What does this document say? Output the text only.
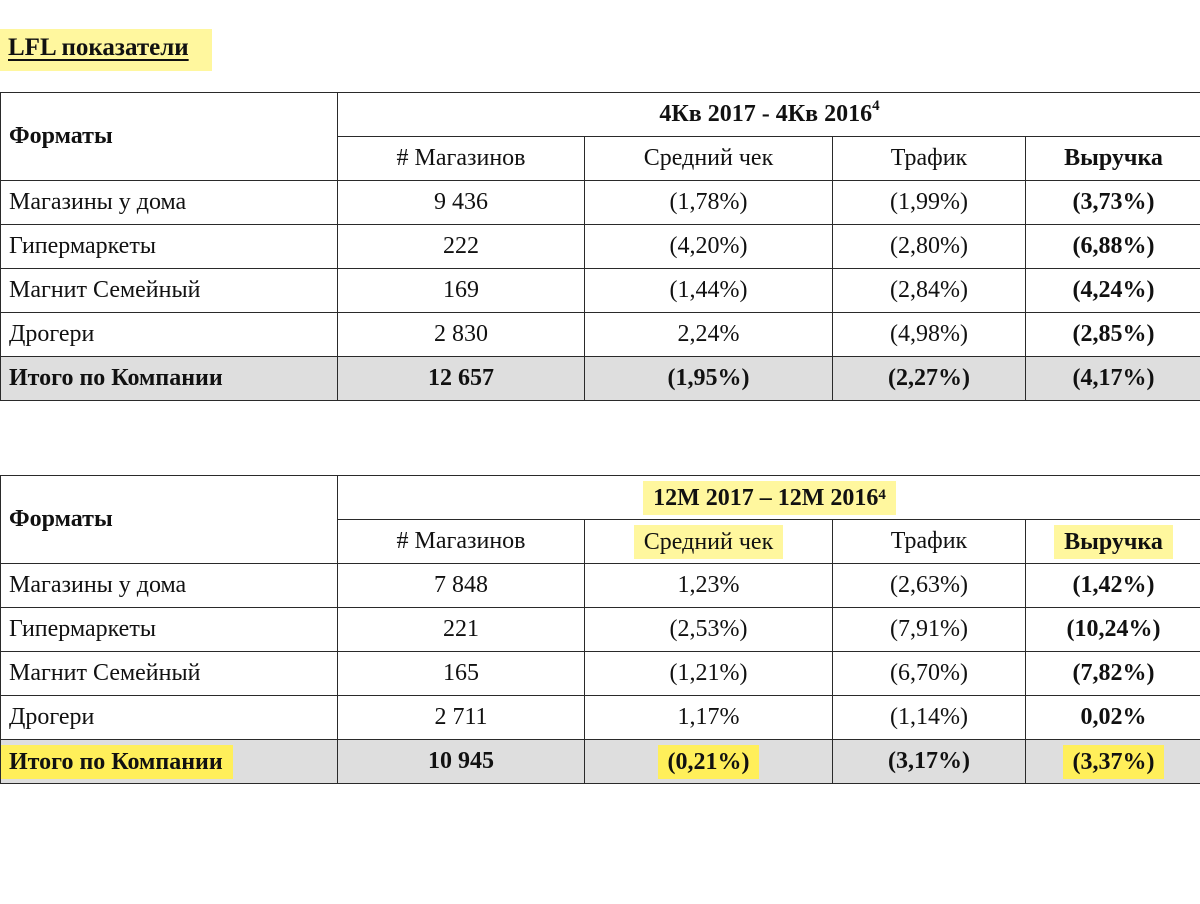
LFL показатели
Форматы	4Кв 2017 - 4Кв 2016$^4$
	# Магазинов	Средний чек	Трафик	Выручка
Магазины у дома	9 436	(1,78%)	(1,99%)	(3,73%)
Гипермаркеты	222	(4,20%)	(2,80%)	(6,88%)
Магнит Семейный	169	(1,44%)	(2,84%)	(4,24%)
Дрогери	2 830	2,24%	(4,98%)	(2,85%)
Итого по Компании	12 657	(1,95%)	(2,27%)	(4,17%)
Форматы	12М 2017 – 12М 2016$^4$
	# Магазинов	Средний чек	Трафик	Выручка
Магазины у дома	7 848	1,23%	(2,63%)	(1,42%)
Гипермаркеты	221	(2,53%)	(7,91%)	(10,24%)
Магнит Семейный	165	(1,21%)	(6,70%)	(7,82%)
Дрогери	2 711	1,17%	(1,14%)	0,02%
Итого по Компании	10 945	(0,21%)	(3,17%)	(3,37%)
